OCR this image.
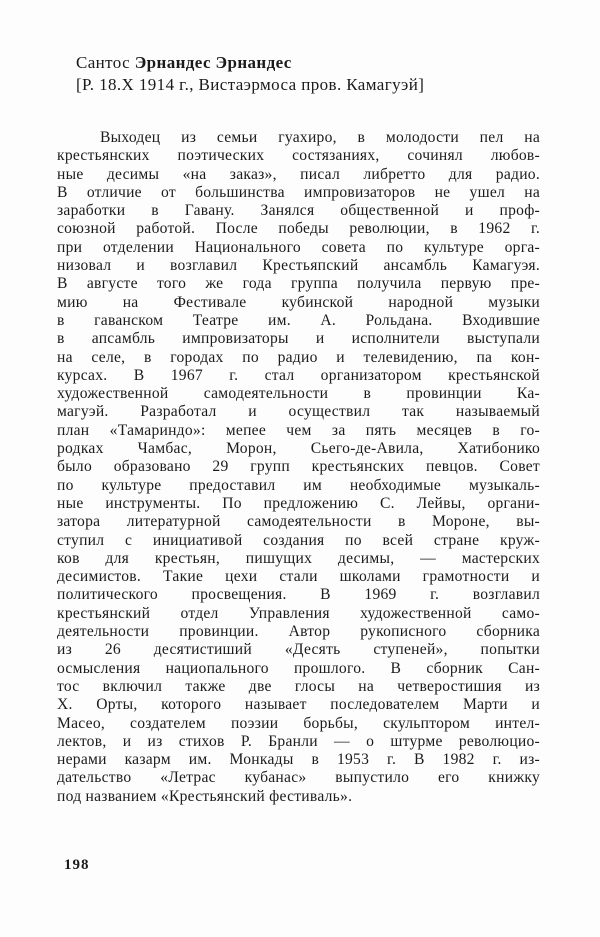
Сантос Эрнандес Эрнандес
[Р. 18.X 1914 г., Вистаэрмоса пров. Камагуэй]
Выходец из семьи гуахиро, в молодости пел на
крестьянских поэтических состязаниях, сочинял любов-
ные десимы «на заказ», писал либретто для радио.
В отличие от большинства импровизаторов не ушел на
заработки в Гавану. Занялся общественной и проф-
союзной работой. После победы революции, в 1962 г.
при отделении Национального совета по культуре орга-
низовал и возглавил Крестьяпский ансамбль Камагуэя.
В августе того же года группа получила первую пре-
мию на Фестивале кубинской народной музыки
в гаванском Театре им. А. Рольдана. Входившие
в апсамбль импровизаторы и исполнители выступали
на селе, в городах по радио и телевидению, па кон-
курсах. В 1967 г. стал организатором крестьянской
художественной самодеятельности в провинции Ка-
магуэй. Разработал и осуществил так называемый
план «Тамариндо»: мепее чем за пять месяцев в го-
родках Чамбас, Морон, Сьего-де-Авила, Хатибонико
было образовано 29 групп крестьянских певцов. Совет
по культуре предоставил им необходимые музыкаль-
ные инструменты. По предложению С. Лейвы, органи-
затора литературной самодеятельности в Мороне, вы-
ступил с инициативой создания по всей стране круж-
ков для крестьян, пишущих десимы, — мастерских
десимистов. Такие цехи стали школами грамотности и
политического просвещения. В 1969 г. возглавил
крестьянский отдел Управления художественной само-
деятельности провинции. Автор рукописного сборника
из 26 десятистиший «Десять ступеней», попытки
осмысления нациопального прошлого. В сборник Сан-
тос включил также две глосы на четверостишия из
Х. Орты, которого называет последователем Марти и
Масео, создателем поэзии борьбы, скульптором интел-
лектов, и из стихов Р. Бранли — о штурме революцио-
нерами казарм им. Монкады в 1953 г. В 1982 г. из-
дательство «Летрас кубанас» выпустило его книжку
под названием «Крестьянский фестиваль».
198
